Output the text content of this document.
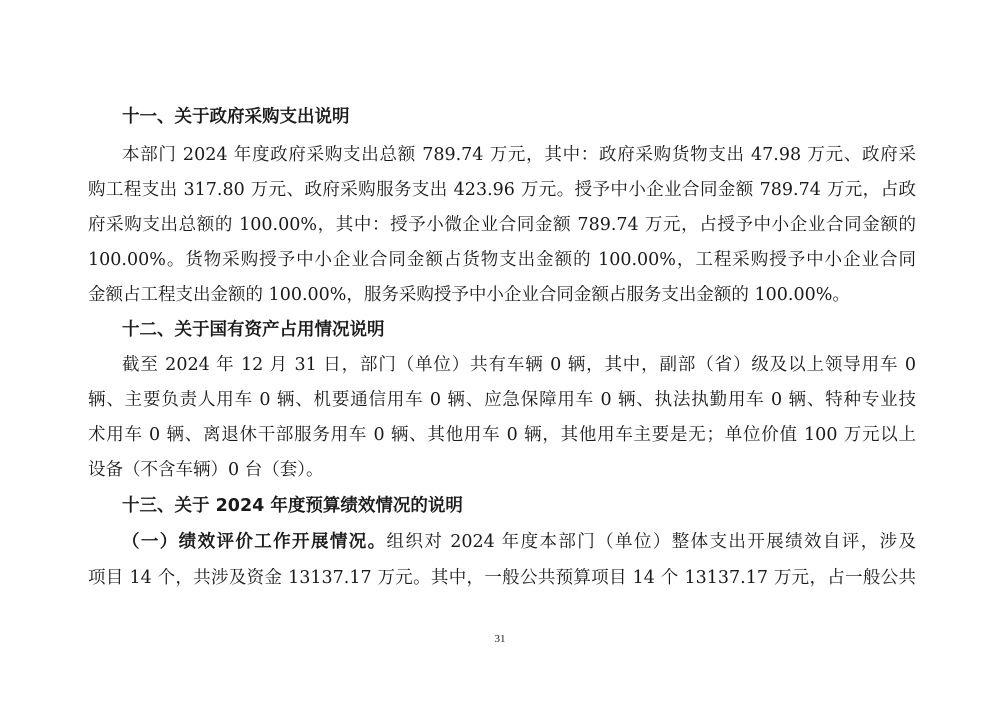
十一、关于政府采购支出说明
本部门 2024 年度政府采购支出总额 789.74 万元，其中：政府采购货物支出 47.98 万元、政府采
购工程支出 317.80 万元、政府采购服务支出 423.96 万元。授予中小企业合同金额 789.74 万元，占政
府采购支出总额的 100.00%，其中：授予小微企业合同金额 789.74 万元，占授予中小企业合同金额的
100.00%。货物采购授予中小企业合同金额占货物支出金额的 100.00%，工程采购授予中小企业合同
金额占工程支出金额的 100.00%，服务采购授予中小企业合同金额占服务支出金额的 100.00%。
十二、关于国有资产占用情况说明
截至 2024 年 12 月 31 日，部门（单位）共有车辆 0 辆，其中，副部（省）级及以上领导用车 0
辆、主要负责人用车 0 辆、机要通信用车 0 辆、应急保障用车 0 辆、执法执勤用车 0 辆、特种专业技
术用车 0 辆、离退休干部服务用车 0 辆、其他用车 0 辆，其他用车主要是无；单位价值 100 万元以上
设备（不含车辆）0 台（套）。
十三、关于 2024 年度预算绩效情况的说明
（一）绩效评价工作开展情况。组织对 2024 年度本部门（单位）整体支出开展绩效自评，涉及
项目 14 个，共涉及资金 13137.17 万元。其中，一般公共预算项目 14 个 13137.17 万元，占一般公共
31
